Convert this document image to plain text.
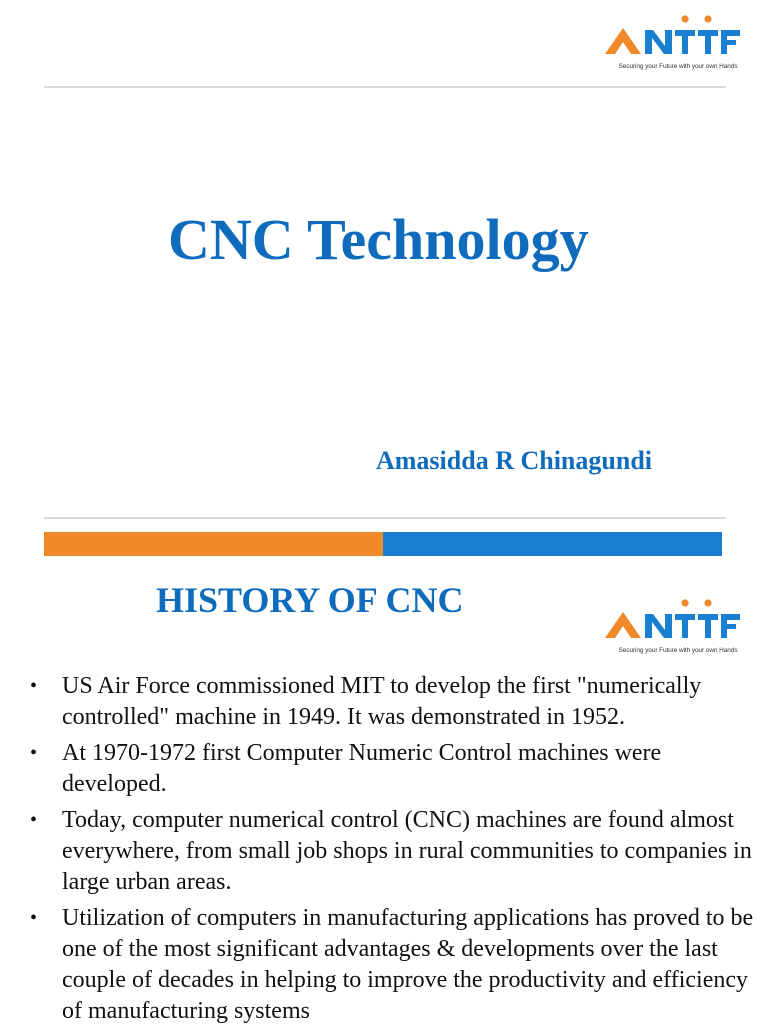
Securing your Future with your own Hands
CNC Technology
Amasidda R Chinagundi
HISTORY OF CNC
Securing your Future with your own Hands
• US Air Force commissioned MIT to develop the first "numerically controlled" machine in 1949. It was demonstrated in 1952.
• At 1970-1972 first Computer Numeric Control machines were developed.
• Today, computer numerical control (CNC) machines are found almost everywhere, from small job shops in rural communities to companies in large urban areas.
• Utilization of computers in manufacturing applications has proved to be one of the most significant advantages & developments over the last couple of decades in helping to improve the productivity and efficiency of manufacturing systems
